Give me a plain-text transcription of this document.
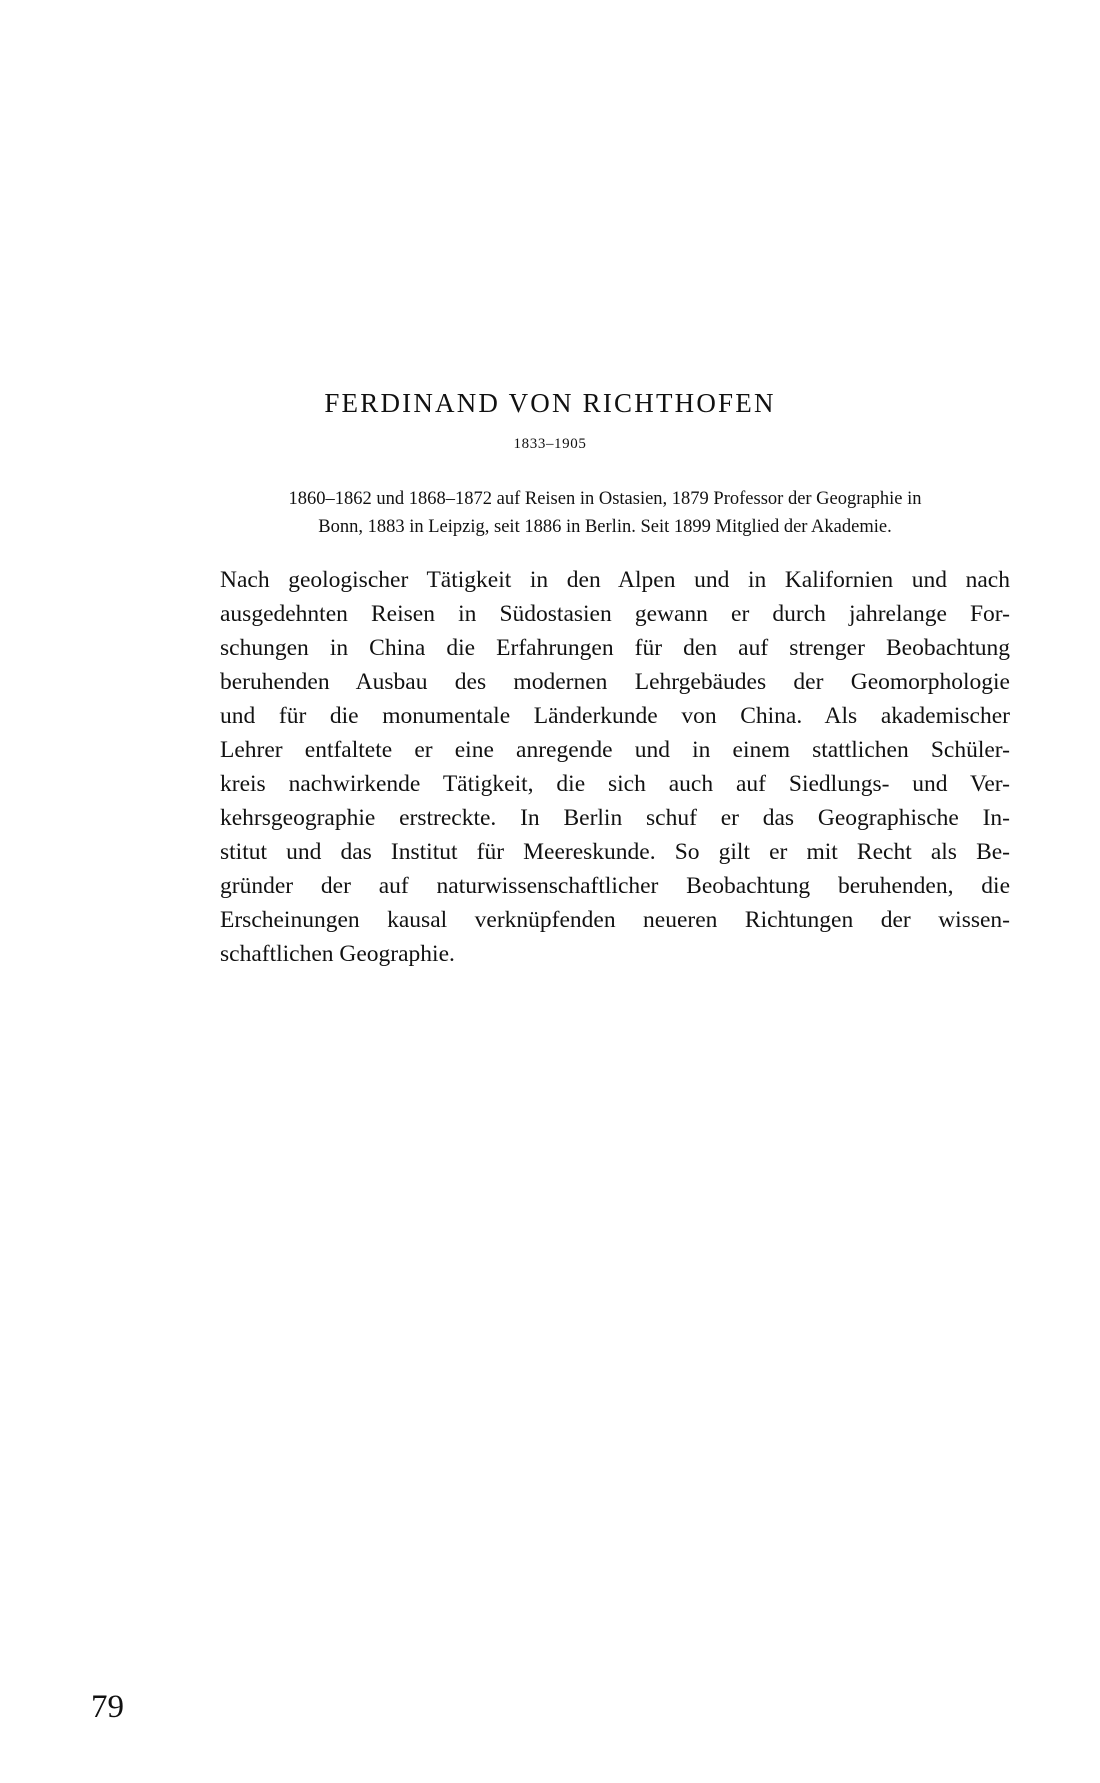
FERDINAND VON RICHTHOFEN
1833–1905
1860–1862 und 1868–1872 auf Reisen in Ostasien, 1879 Professor der Geographie in
Bonn, 1883 in Leipzig, seit 1886 in Berlin. Seit 1899 Mitglied der Akademie.
Nach geologischer Tätigkeit in den Alpen und in Kalifornien und nach
ausgedehnten Reisen in Südostasien gewann er durch jahrelange For-
schungen in China die Erfahrungen für den auf strenger Beobachtung
beruhenden Ausbau des modernen Lehrgebäudes der Geomorphologie
und für die monumentale Länderkunde von China. Als akademischer
Lehrer entfaltete er eine anregende und in einem stattlichen Schüler-
kreis nachwirkende Tätigkeit, die sich auch auf Siedlungs- und Ver-
kehrsgeographie erstreckte. In Berlin schuf er das Geographische In-
stitut und das Institut für Meereskunde. So gilt er mit Recht als Be-
gründer der auf naturwissenschaftlicher Beobachtung beruhenden, die
Erscheinungen kausal verknüpfenden neueren Richtungen der wissen-
schaftlichen Geographie.
79
